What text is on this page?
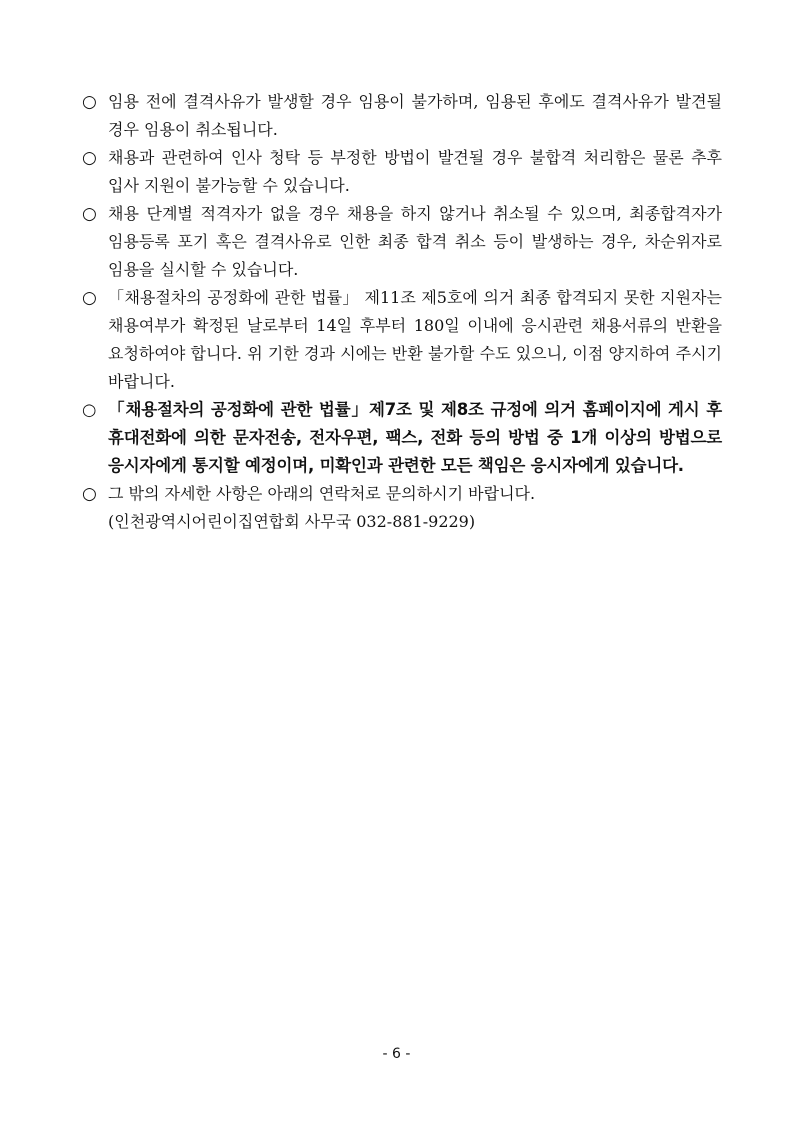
○ 임용 전에 결격사유가 발생할 경우 임용이 불가하며, 임용된 후에도 결격사유가 발견될 경우 임용이 취소됩니다.
○ 채용과 관련하여 인사 청탁 등 부정한 방법이 발견될 경우 불합격 처리함은 물론 추후 입사 지원이 불가능할 수 있습니다.
○ 채용 단계별 적격자가 없을 경우 채용을 하지 않거나 취소될 수 있으며, 최종합격자가 임용등록 포기 혹은 결격사유로 인한 최종 합격 취소 등이 발생하는 경우, 차순위자로 임용을 실시할 수 있습니다.
○ 「채용절차의 공정화에 관한 법률」 제11조 제5호에 의거 최종 합격되지 못한 지원자는 채용여부가 확정된 날로부터 14일 후부터 180일 이내에 응시관련 채용서류의 반환을 요청하여야 합니다. 위 기한 경과 시에는 반환 불가할 수도 있으니, 이점 양지하여 주시기 바랍니다.
○ 「채용절차의 공정화에 관한 법률」제7조 및 제8조 규정에 의거 홈페이지에 게시 후 휴대전화에 의한 문자전송, 전자우편, 팩스, 전화 등의 방법 중 1개 이상의 방법으로 응시자에게 통지할 예정이며, 미확인과 관련한 모든 책임은 응시자에게 있습니다.
○ 그 밖의 자세한 사항은 아래의 연락처로 문의하시기 바랍니다.
(인천광역시어린이집연합회 사무국 032-881-9229)
- 6 -
